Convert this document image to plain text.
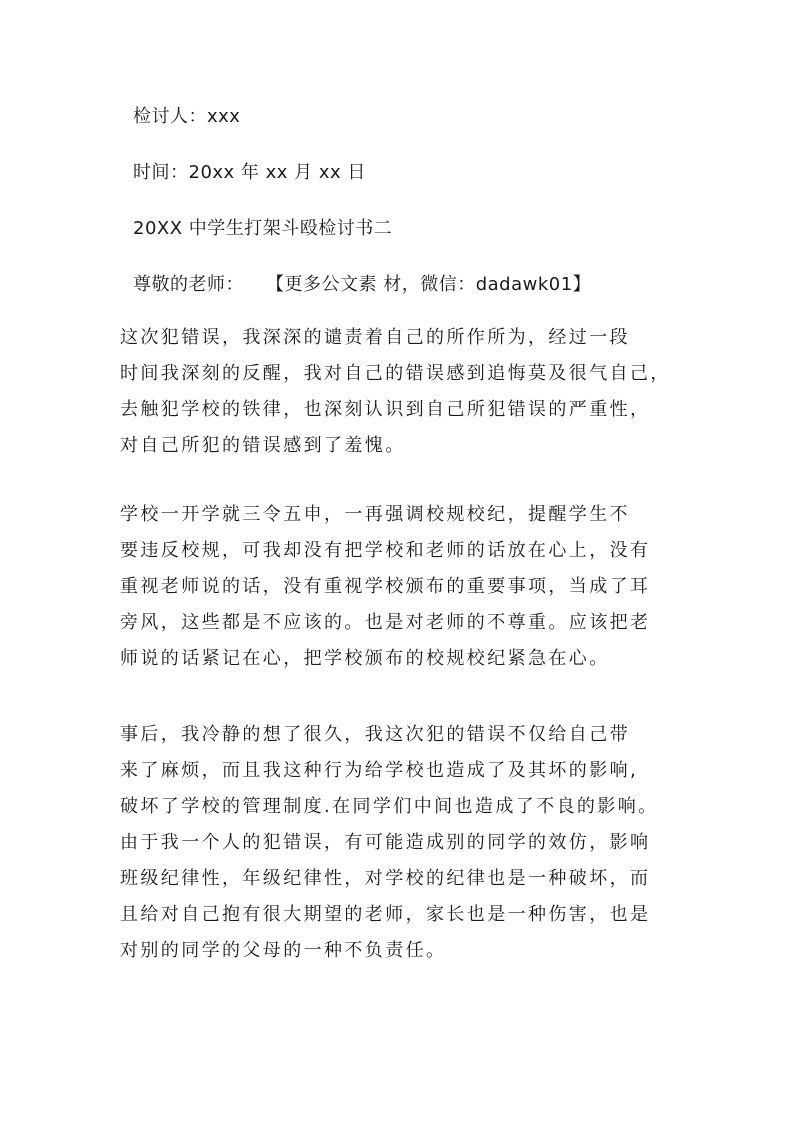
检讨人：xxx
时间：20xx 年 xx 月 xx 日
20XX 中学生打架斗殴检讨书二
尊敬的老师： 【更多公文素 材，微信：dadawk01】
这次犯错误，我深深的谴责着自己的所作所为，经过一段
时间我深刻的反醒，我对自己的错误感到追悔莫及很气自己，
去触犯学校的铁律，也深刻认识到自己所犯错误的严重性，
对自己所犯的错误感到了羞愧。
学校一开学就三令五申，一再强调校规校纪，提醒学生不
要违反校规，可我却没有把学校和老师的话放在心上，没有
重视老师说的话，没有重视学校颁布的重要事项，当成了耳
旁风，这些都是不应该的。也是对老师的不尊重。应该把老
师说的话紧记在心，把学校颁布的校规校纪紧急在心。
事后，我冷静的想了很久，我这次犯的错误不仅给自己带
来了麻烦，而且我这种行为给学校也造成了及其坏的影响,
破坏了学校的管理制度.在同学们中间也造成了不良的影响。
由于我一个人的犯错误，有可能造成别的同学的效仿，影响
班级纪律性，年级纪律性，对学校的纪律也是一种破坏，而
且给对自己抱有很大期望的老师，家长也是一种伤害，也是
对别的同学的父母的一种不负责任。
